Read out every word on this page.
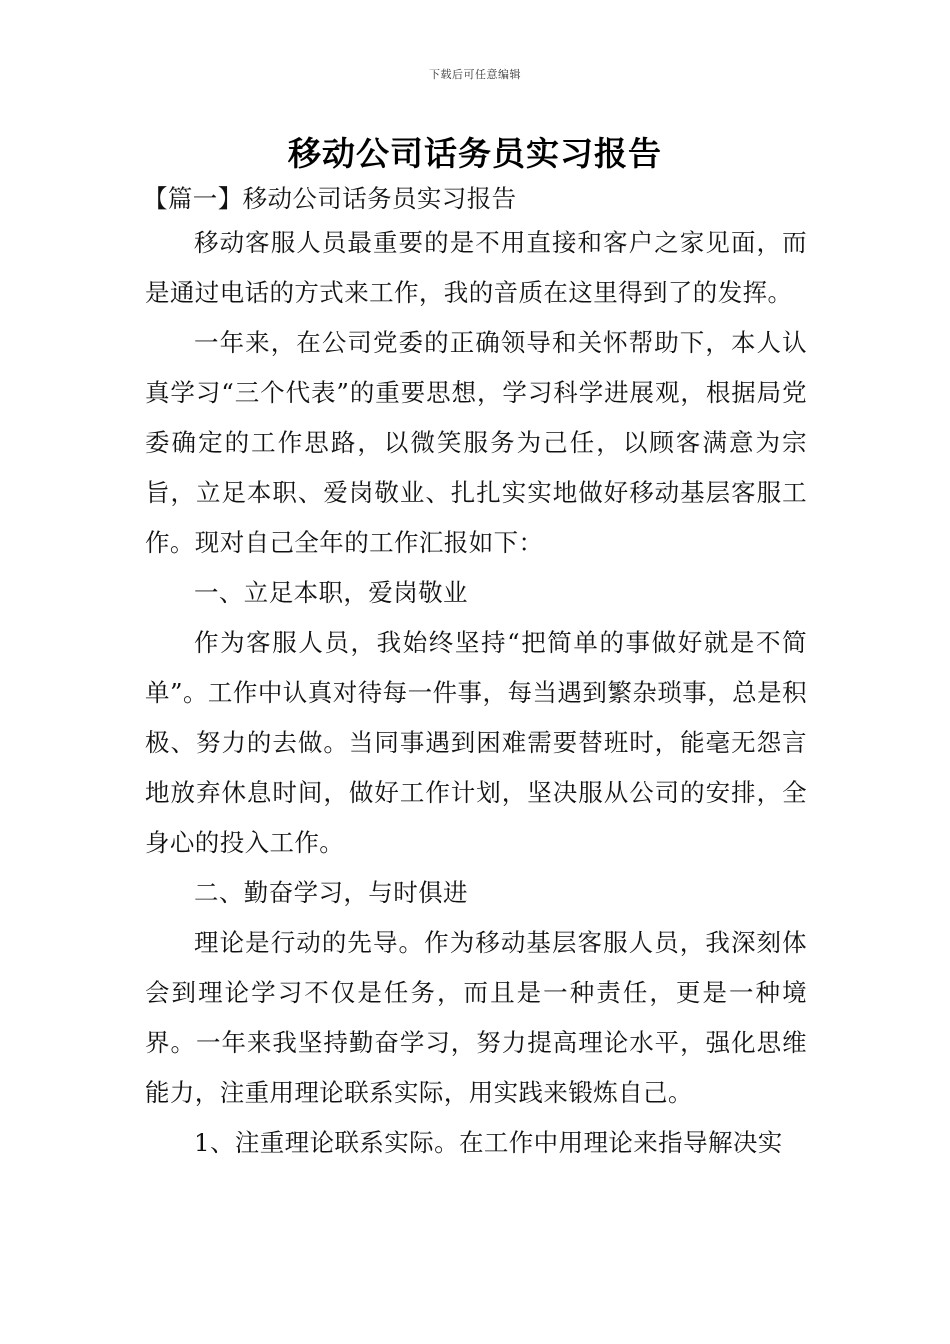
下载后可任意编辑
移动公司话务员实习报告

【篇一】移动公司话务员实习报告

移动客服人员最重要的是不用直接和客户之家见面，而是通过电话的方式来工作，我的音质在这里得到了的发挥。

一年来，在公司党委的正确领导和关怀帮助下，本人认真学习“三个代表”的重要思想，学习科学进展观，根据局党委确定的工作思路，以微笑服务为己任，以顾客满意为宗旨，立足本职、爱岗敬业、扎扎实实地做好移动基层客服工作。现对自己全年的工作汇报如下：

一、立足本职，爱岗敬业

作为客服人员，我始终坚持“把简单的事做好就是不简单”。工作中认真对待每一件事，每当遇到繁杂琐事，总是积极、努力的去做。当同事遇到困难需要替班时，能毫无怨言地放弃休息时间，做好工作计划，坚决服从公司的安排，全身心的投入工作。

二、勤奋学习，与时俱进

理论是行动的先导。作为移动基层客服人员，我深刻体会到理论学习不仅是任务，而且是一种责任，更是一种境界。一年来我坚持勤奋学习，努力提高理论水平，强化思维能力，注重用理论联系实际，用实践来锻炼自己。

1、注重理论联系实际。在工作中用理论来指导解决实
